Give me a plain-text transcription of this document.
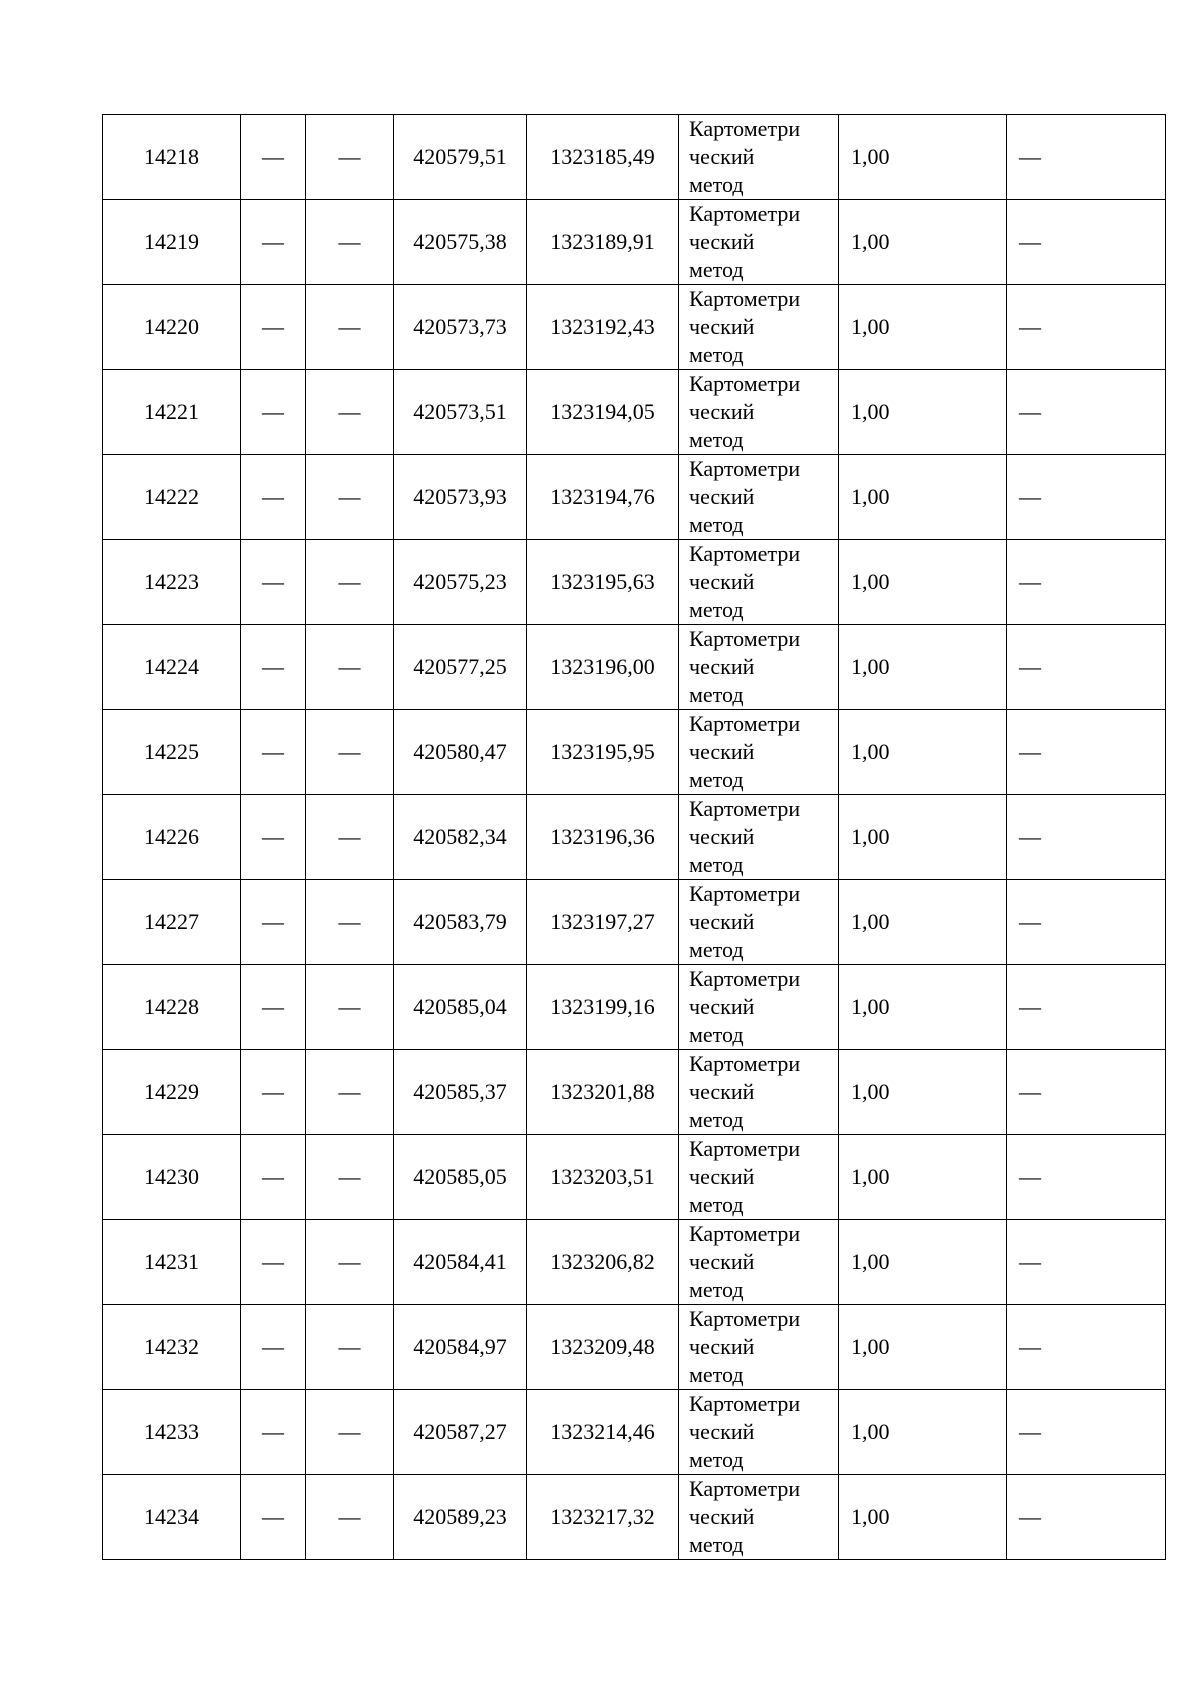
14218	—	—	420579,51	1323185,49	Картометри
ческий
метод	1,00	—
14219	—	—	420575,38	1323189,91	Картометри
ческий
метод	1,00	—
14220	—	—	420573,73	1323192,43	Картометри
ческий
метод	1,00	—
14221	—	—	420573,51	1323194,05	Картометри
ческий
метод	1,00	—
14222	—	—	420573,93	1323194,76	Картометри
ческий
метод	1,00	—
14223	—	—	420575,23	1323195,63	Картометри
ческий
метод	1,00	—
14224	—	—	420577,25	1323196,00	Картометри
ческий
метод	1,00	—
14225	—	—	420580,47	1323195,95	Картометри
ческий
метод	1,00	—
14226	—	—	420582,34	1323196,36	Картометри
ческий
метод	1,00	—
14227	—	—	420583,79	1323197,27	Картометри
ческий
метод	1,00	—
14228	—	—	420585,04	1323199,16	Картометри
ческий
метод	1,00	—
14229	—	—	420585,37	1323201,88	Картометри
ческий
метод	1,00	—
14230	—	—	420585,05	1323203,51	Картометри
ческий
метод	1,00	—
14231	—	—	420584,41	1323206,82	Картометри
ческий
метод	1,00	—
14232	—	—	420584,97	1323209,48	Картометри
ческий
метод	1,00	—
14233	—	—	420587,27	1323214,46	Картометри
ческий
метод	1,00	—
14234	—	—	420589,23	1323217,32	Картометри
ческий
метод	1,00	—
